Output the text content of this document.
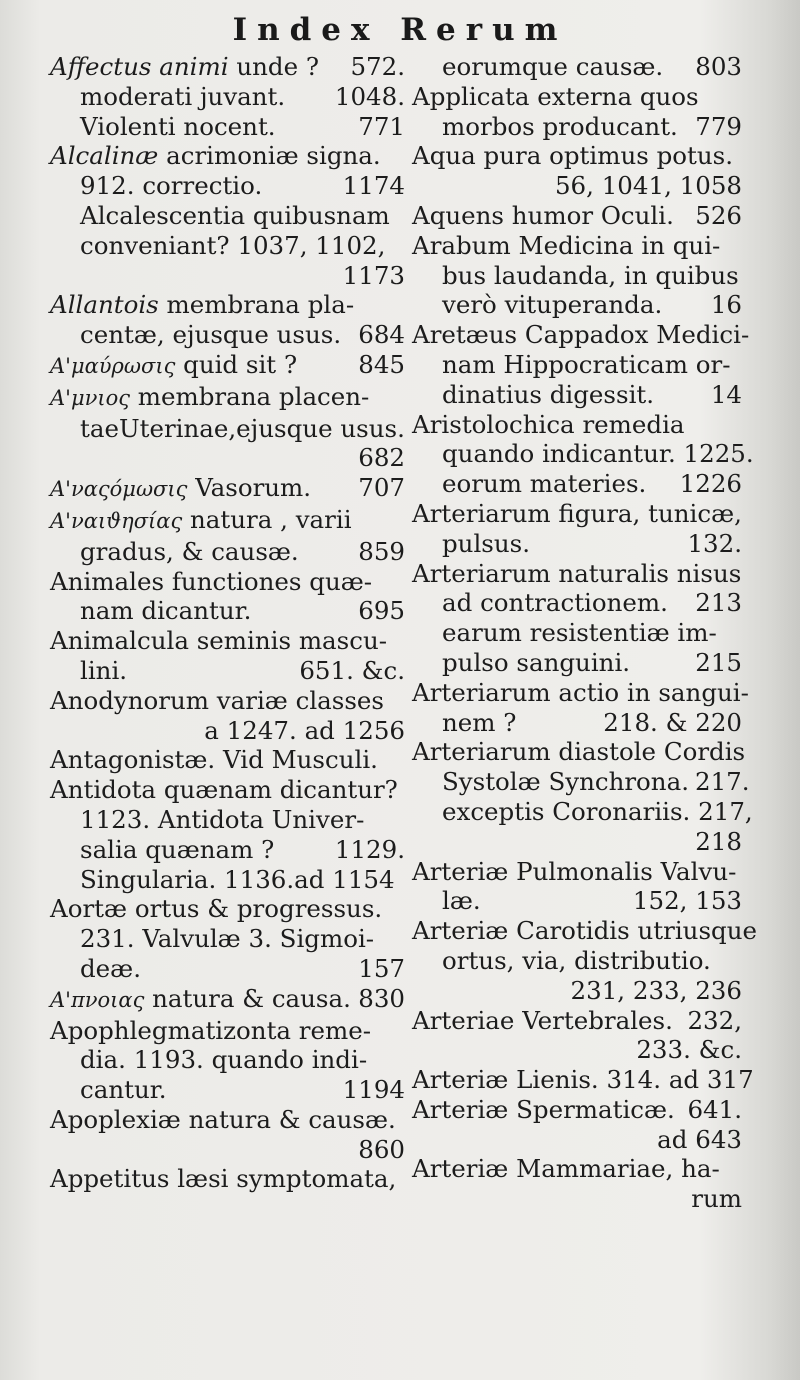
Index Rerum
Affectus animi unde ? 572.
moderati juvant. 1048.
Violenti nocent.	771
Alcalinæ acrimoniæ signa.
912. correctio.	1174
Alcalescentia quibusnam
conveniant? 1037, 1102,
1173
Allantois membrana pla-
centæ, ejusque usus. 684
Α'μαύρωσις quid sit ? 845
Α'μνιος membrana placen-
taeUterinae,ejusque usus.
682
Α'ναςόμωσις Vasorum. 707
Α'ναιϑησίας natura , varii
gradus, & causæ. 859
Animales functiones quæ-
nam dicantur.	695
Animalcula seminis mascu-
lini.	651. &c.
Anodynorum variæ classes
a 1247. ad 1256
Antagonistæ. Vid Musculi.
Antidota quænam dicantur?
1123. Antidota Univer-
salia quænam ? 1129.
Singularia. 1136.ad 1154
Aortæ ortus & progressus.
231. Valvulæ 3. Sigmoi-
deæ.	157
Α'πνοιας natura & causa. 830
Apophlegmatizonta reme-
dia. 1193. quando indi-
cantur.	1194
Apoplexiæ natura & causæ.
860
Appetitus læsi symptomata,
eorumque causæ. 803
Applicata externa quos
morbos producant. 779
Aqua pura optimus potus.
56, 1041, 1058
Aquens humor Oculi. 526
Arabum Medicina in qui-
bus laudanda, in quibus
verò vituperanda. 16
Aretæus Cappadox Medici-
nam Hippocraticam or-
dinatius digessit. 14
Aristolochica remedia
quando indicantur. 1225.
eorum materies. 1226
Arteriarum figura, tunicæ,
pulsus.	132.
Arteriarum naturalis nisus
ad contractionem. 213
earum resistentiæ im-
pulso sanguini.	215
Arteriarum actio in sangui-
nem ?	218. & 220
Arteriarum diastole Cordis
Systolæ Synchrona. 217.
exceptis Coronariis. 217,
218
Arteriæ Pulmonalis Valvu-
læ.	152, 153
Arteriæ Carotidis utriusque
ortus, via, distributio.
231, 233, 236
Arteriae Vertebrales. 232,
233. &c.
Arteriæ Lienis. 314. ad 317
Arteriæ Spermaticæ. 641.
ad 643
Arteriæ Mammariae, ha-
rum
